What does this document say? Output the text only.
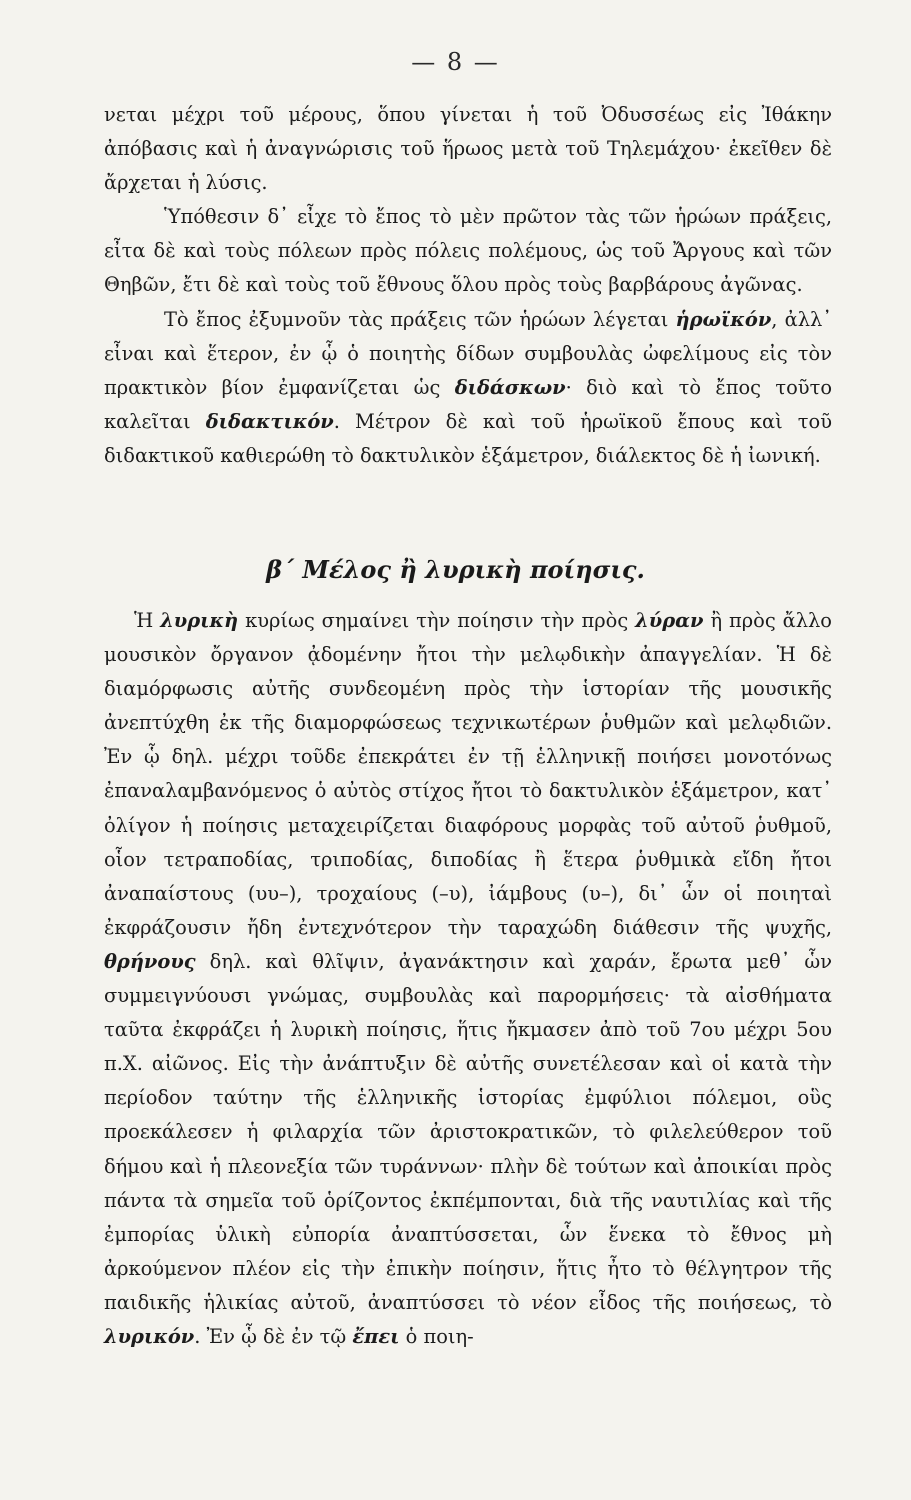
— 8 —

νεται μέχρι τοῦ μέρους, ὅπου γίνεται ἡ τοῦ Ὀδυσσέως εἰς Ἰθάκην ἀπόβασις καὶ ἡ ἀναγνώρισις τοῦ ἥρωος μετὰ τοῦ Τηλεμάχου· ἐκεῖθεν δὲ ἄρχεται ἡ λύσις.

Ὑπόθεσιν δ᾽ εἶχε τὸ ἔπος τὸ μὲν πρῶτον τὰς τῶν ἡρώων πράξεις, εἶτα δὲ καὶ τοὺς πόλεων πρὸς πόλεις πολέμους, ὡς τοῦ Ἄργους καὶ τῶν Θηβῶν, ἔτι δὲ καὶ τοὺς τοῦ ἔθνους ὅλου πρὸς τοὺς βαρβάρους ἀγῶνας.

Τὸ ἔπος ἐξυμνοῦν τὰς πράξεις τῶν ἡρώων λέγεται ἡρωϊκόν, ἀλλ᾽ εἶναι καὶ ἕτερον, ἐν ᾧ ὁ ποιητὴς δίδων συμβουλὰς ὠφελίμους εἰς τὸν πρακτικὸν βίον ἐμφανίζεται ὡς διδάσκων· διὸ καὶ τὸ ἔπος τοῦτο καλεῖται διδακτικόν. Μέτρον δὲ καὶ τοῦ ἡρωϊκοῦ ἔπους καὶ τοῦ διδακτικοῦ καθιερώθη τὸ δακτυλικὸν ἑξάμετρον, διάλεκτος δὲ ἡ ἰωνική.

β΄ Μέλος ἢ λυρικὴ ποίησις.

Ἡ λυρικὴ κυρίως σημαίνει τὴν ποίησιν τὴν πρὸς λύραν ἢ πρὸς ἄλλο μουσικὸν ὄργανον ᾀδομένην ἤτοι τὴν μελῳδικὴν ἀπαγγελίαν. Ἡ δὲ διαμόρφωσις αὐτῆς συνδεομένη πρὸς τὴν ἱστορίαν τῆς μουσικῆς ἀνεπτύχθη ἐκ τῆς διαμορφώσεως τεχνικωτέρων ῥυθμῶν καὶ μελῳδιῶν. Ἐν ᾧ δηλ. μέχρι τοῦδε ἐπεκράτει ἐν τῇ ἑλληνικῇ ποιήσει μονοτόνως ἐπαναλαμβανόμενος ὁ αὐτὸς στίχος ἤτοι τὸ δακτυλικὸν ἑξάμετρον, κατ᾽ ὀλίγον ἡ ποίησις μεταχειρίζεται διαφόρους μορφὰς τοῦ αὐτοῦ ῥυθμοῦ, οἷον τετραποδίας, τριποδίας, διποδίας ἢ ἕτερα ῥυθμικὰ εἴδη ἤτοι ἀναπαίστους (υυ–), τροχαίους (–υ), ἰάμβους (υ–), δι᾽ ὧν οἱ ποιηταὶ ἐκφράζουσιν ἤδη ἐντεχνότερον τὴν ταραχώδη διάθεσιν τῆς ψυχῆς, θρήνους δηλ. καὶ θλῖψιν, ἀγανάκτησιν καὶ χαράν, ἔρωτα μεθ᾽ ὧν συμμειγνύουσι γνώμας, συμβουλὰς καὶ παρορμήσεις· τὰ αἰσθήματα ταῦτα ἐκφράζει ἡ λυρικὴ ποίησις, ἥτις ἤκμασεν ἀπὸ τοῦ 7ου μέχρι 5ου π.Χ. αἰῶνος. Εἰς τὴν ἀνάπτυξιν δὲ αὐτῆς συνετέλεσαν καὶ οἱ κατὰ τὴν περίοδον ταύτην τῆς ἑλληνικῆς ἱστορίας ἐμφύλιοι πόλεμοι, οὓς προεκάλεσεν ἡ φιλαρχία τῶν ἀριστοκρατικῶν, τὸ φιλελεύθερον τοῦ δήμου καὶ ἡ πλεονεξία τῶν τυράννων· πλὴν δὲ τούτων καὶ ἀποικίαι πρὸς πάντα τὰ σημεῖα τοῦ ὁρίζοντος ἐκπέμπονται, διὰ τῆς ναυτιλίας καὶ τῆς ἐμπορίας ὑλικὴ εὐπορία ἀναπτύσσεται, ὧν ἕνεκα τὸ ἔθνος μὴ ἀρκούμενον πλέον εἰς τὴν ἐπικὴν ποίησιν, ἥτις ἦτο τὸ θέλγητρον τῆς παιδικῆς ἡλικίας αὐτοῦ, ἀναπτύσσει τὸ νέον εἶδος τῆς ποιήσεως, τὸ λυρικόν. Ἐν ᾧ δὲ ἐν τῷ ἔπει ὁ ποιη-
